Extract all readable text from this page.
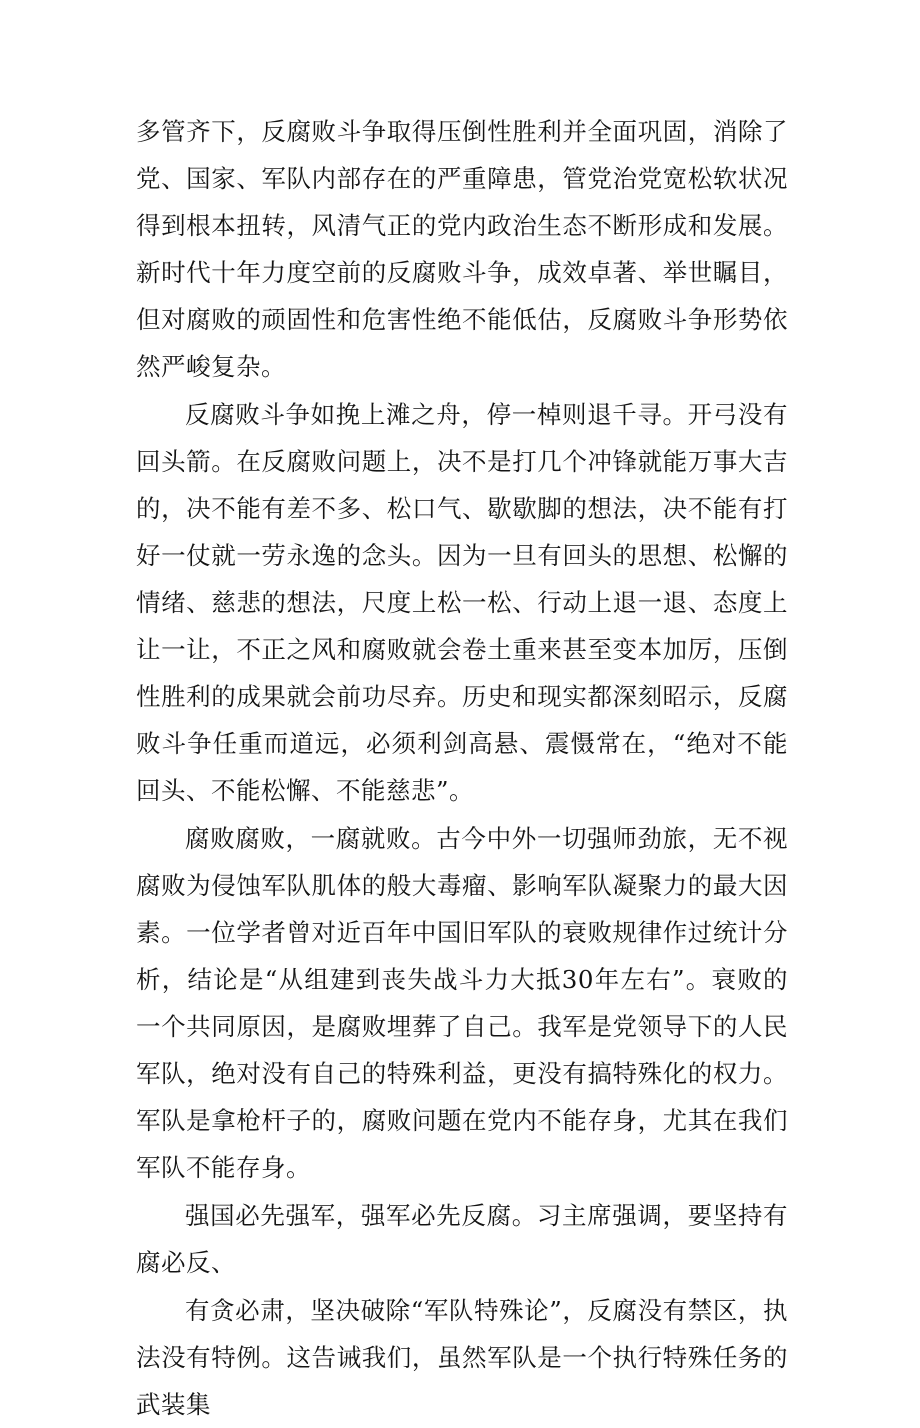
多管齐下，反腐败斗争取得压倒性胜利并全面巩固，消除了党、国家、军队内部存在的严重障患，管党治党宽松软状况得到根本扭转，风清气正的党内政治生态不断形成和发展。新时代十年力度空前的反腐败斗争，成效卓著、举世瞩目，但对腐败的顽固性和危害性绝不能低估，反腐败斗争形势依然严峻复杂。

反腐败斗争如挽上滩之舟，停一棹则退千寻。开弓没有回头箭。在反腐败问题上，决不是打几个冲锋就能万事大吉的，决不能有差不多、松口气、歇歇脚的想法，决不能有打好一仗就一劳永逸的念头。因为一旦有回头的思想、松懈的情绪、慈悲的想法，尺度上松一松、行动上退一退、态度上让一让，不正之风和腐败就会卷土重来甚至变本加厉，压倒性胜利的成果就会前功尽弃。历史和现实都深刻昭示，反腐败斗争任重而道远，必须利剑高悬、震慑常在，“绝对不能回头、不能松懈、不能慈悲”。

腐败腐败，一腐就败。古今中外一切强师劲旅，无不视腐败为侵蚀军队肌体的般大毒瘤、影响军队凝聚力的最大因素。一位学者曾对近百年中国旧军队的衰败规律作过统计分析，结论是“从组建到丧失战斗力大抵30年左右”。衰败的一个共同原因，是腐败埋葬了自己。我军是党领导下的人民军队，绝对没有自己的特殊利益，更没有搞特殊化的权力。军队是拿枪杆子的，腐败问题在党内不能存身，尤其在我们军队不能存身。

强国必先强军，强军必先反腐。习主席强调，要坚持有腐必反、

有贪必肃，坚决破除“军队特殊论”，反腐没有禁区，执法没有特例。这告诫我们，虽然军队是一个执行特殊任务的武装集
